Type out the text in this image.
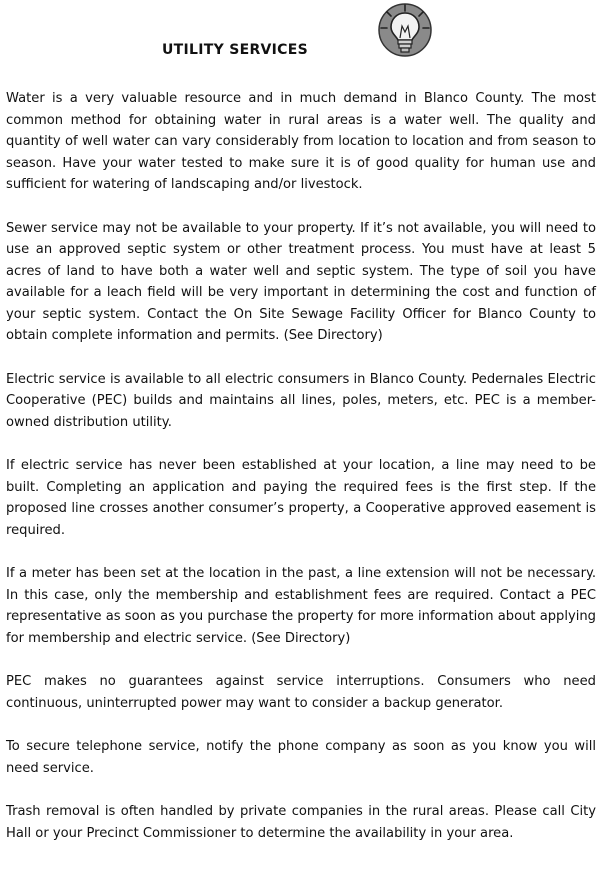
UTILITY SERVICES

Water is a very valuable resource and in much demand in Blanco County. The most common method for obtaining water in rural areas is a water well. The quality and quantity of well water can vary considerably from location to location and from season to season. Have your water tested to make sure it is of good quality for human use and sufficient for watering of landscaping and/or livestock.

Sewer service may not be available to your property. If it’s not available, you will need to use an approved septic system or other treatment process. You must have at least 5 acres of land to have both a water well and septic system. The type of soil you have available for a leach field will be very important in determining the cost and function of your septic system. Contact the On Site Sewage Facility Officer for Blanco County to obtain complete information and permits. (See Directory)

Electric service is available to all electric consumers in Blanco County. Pedernales Electric Cooperative (PEC) builds and maintains all lines, poles, meters, etc. PEC is a member-owned distribution utility.

If electric service has never been established at your location, a line may need to be built. Completing an application and paying the required fees is the first step. If the proposed line crosses another consumer’s property, a Cooperative approved easement is required.

If a meter has been set at the location in the past, a line extension will not be necessary. In this case, only the membership and establishment fees are required. Contact a PEC representative as soon as you purchase the property for more information about applying for membership and electric service. (See Directory)

PEC makes no guarantees against service interruptions. Consumers who need continuous, uninterrupted power may want to consider a backup generator.

To secure telephone service, notify the phone company as soon as you know you will need service.

Trash removal is often handled by private companies in the rural areas. Please call City Hall or your Precinct Commissioner to determine the availability in your area.
